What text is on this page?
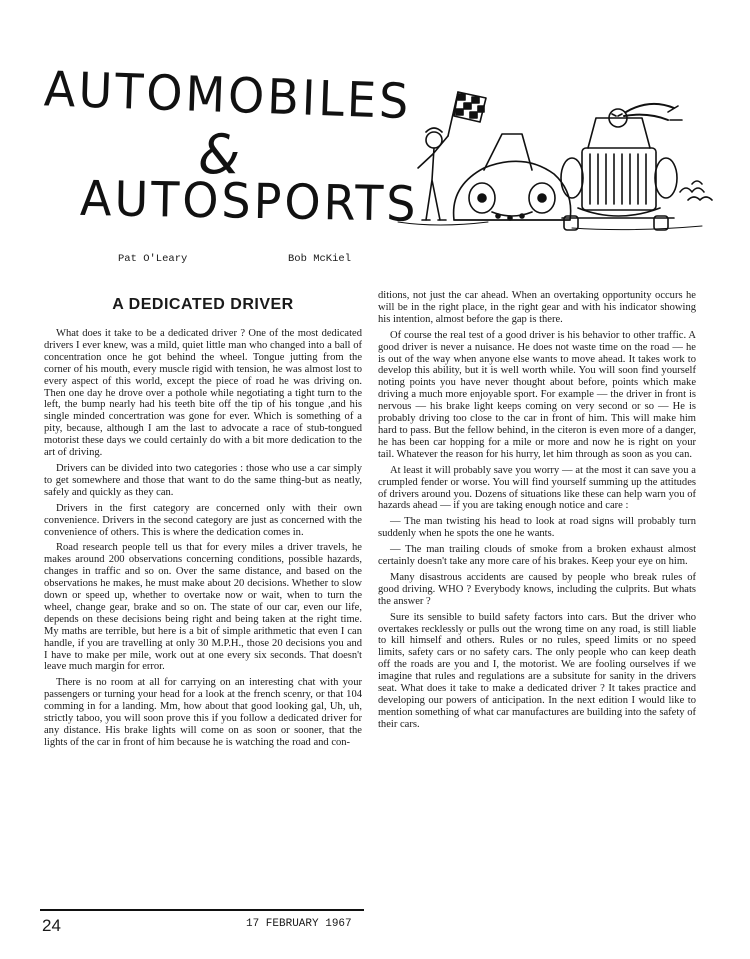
AUTOMOBILES
&
AUTOSPORTS
Pat O'Leary	Bob McKiel
A DEDICATED DRIVER

What does it take to be a dedicated driver ? One of the most dedicated drivers I ever knew, was a mild, quiet little man who changed into a ball of concentration once he got behind the wheel. Tongue jutting from the corner of his mouth, every muscle rigid with tension, he was almost lost to every aspect of this world, except the piece of road he was driving on. Then one day he drove over a pothole while negotiating a tight turn to the left, the bump nearly had his teeth bite off the tip of his tongue ,and his single minded concertration was gone for ever. Which is something of a pity, because, although I am the last to advocate a race of stub-tongued motorist these days we could certainly do with a bit more dedication to the art of driving.

Drivers can be divided into two categories : those who use a car simply to get somewhere and those that want to do the same thing-but as neatly, safely and quickly as they can.

Drivers in the first category are concerned only with their own convenience. Drivers in the second category are just as concerned with the convenience of others. This is where the dedication comes in.

Road research people tell us that for every miles a driver travels, he makes around 200 observations concerning conditions, possible hazards, changes in traffic and so on. Over the same distance, and based on the observations he makes, he must make about 20 decisions. Whether to slow down or speed up, whether to overtake now or wait, when to turn the wheel, change gear, brake and so on. The state of our car, even our life, depends on these decisions being right and being taken at the right time. My maths are terrible, but here is a bit of simple arithmetic that even I can handle, if you are travelling at only 30 M.P.H., those 20 decisions you and I have to make per mile, work out at one every six seconds. That doesn't leave much margin for error.

There is no room at all for carrying on an interesting chat with your passengers or turning your head for a look at the french scenry, or that 104 comming in for a landing. Mm, how about that good looking gal, Uh, uh, strictly taboo, you will soon prove this if you follow a dedicated driver for any distance. His brake lights will come on as soon or sooner, that the lights of the car in front of him because he is watching the road and con-

ditions, not just the car ahead. When an overtaking opportunity occurs he will be in the right place, in the right gear and with his indicator showing his intention, almost before the gap is there.

Of course the real test of a good driver is his behavior to other traffic. A good driver is never a nuisance. He does not waste time on the road — he is out of the way when anyone else wants to move ahead. It takes work to develop this ability, but it is well worth while. You will soon find yourself noting points you have never thought about before, points which make driving a much more enjoyable sport. For example — the driver in front is nervous — his brake light keeps coming on very second or so — He is probably driving too close to the car in front of him. This will make him hard to pass. But the fellow behind, in the citeron is even more of a danger, he has been car hopping for a mile or more and now he is right on your tail. Whatever the reason for his hurry, let him through as soon as you can.

At least it will probably save you worry — at the most it can save you a crumpled fender or worse. You will find yourself summing up the attitudes of drivers around you. Dozens of situations like these can help warn you of hazards ahead — if you are taking enough notice and care :

— The man twisting his head to look at road signs will probably turn suddenly when he spots the one he wants.

— The man trailing clouds of smoke from a broken exhaust almost certainly doesn't take any more care of his brakes. Keep your eye on him.

Many disastrous accidents are caused by people who break rules of good driving. WHO ? Everybody knows, including the culprits. But whats the answer ?

Sure its sensible to build safety factors into cars. But the driver who overtakes recklessly or pulls out the wrong time on any road, is still liable to kill himself and others. Rules or no rules, speed limits or no speed limits, safety cars or no safety cars. The only people who can keep death off the roads are you and I, the motorist. We are fooling ourselves if we imagine that rules and regulations are a subsitute for sanity in the drivers seat. What does it take to make a dedicated driver ? It takes practice and developing our powers of anticipation. In the next edition I would like to mention something of what car manufactures are building into the safety of their cars.

24	17 FEBRUARY 1967
